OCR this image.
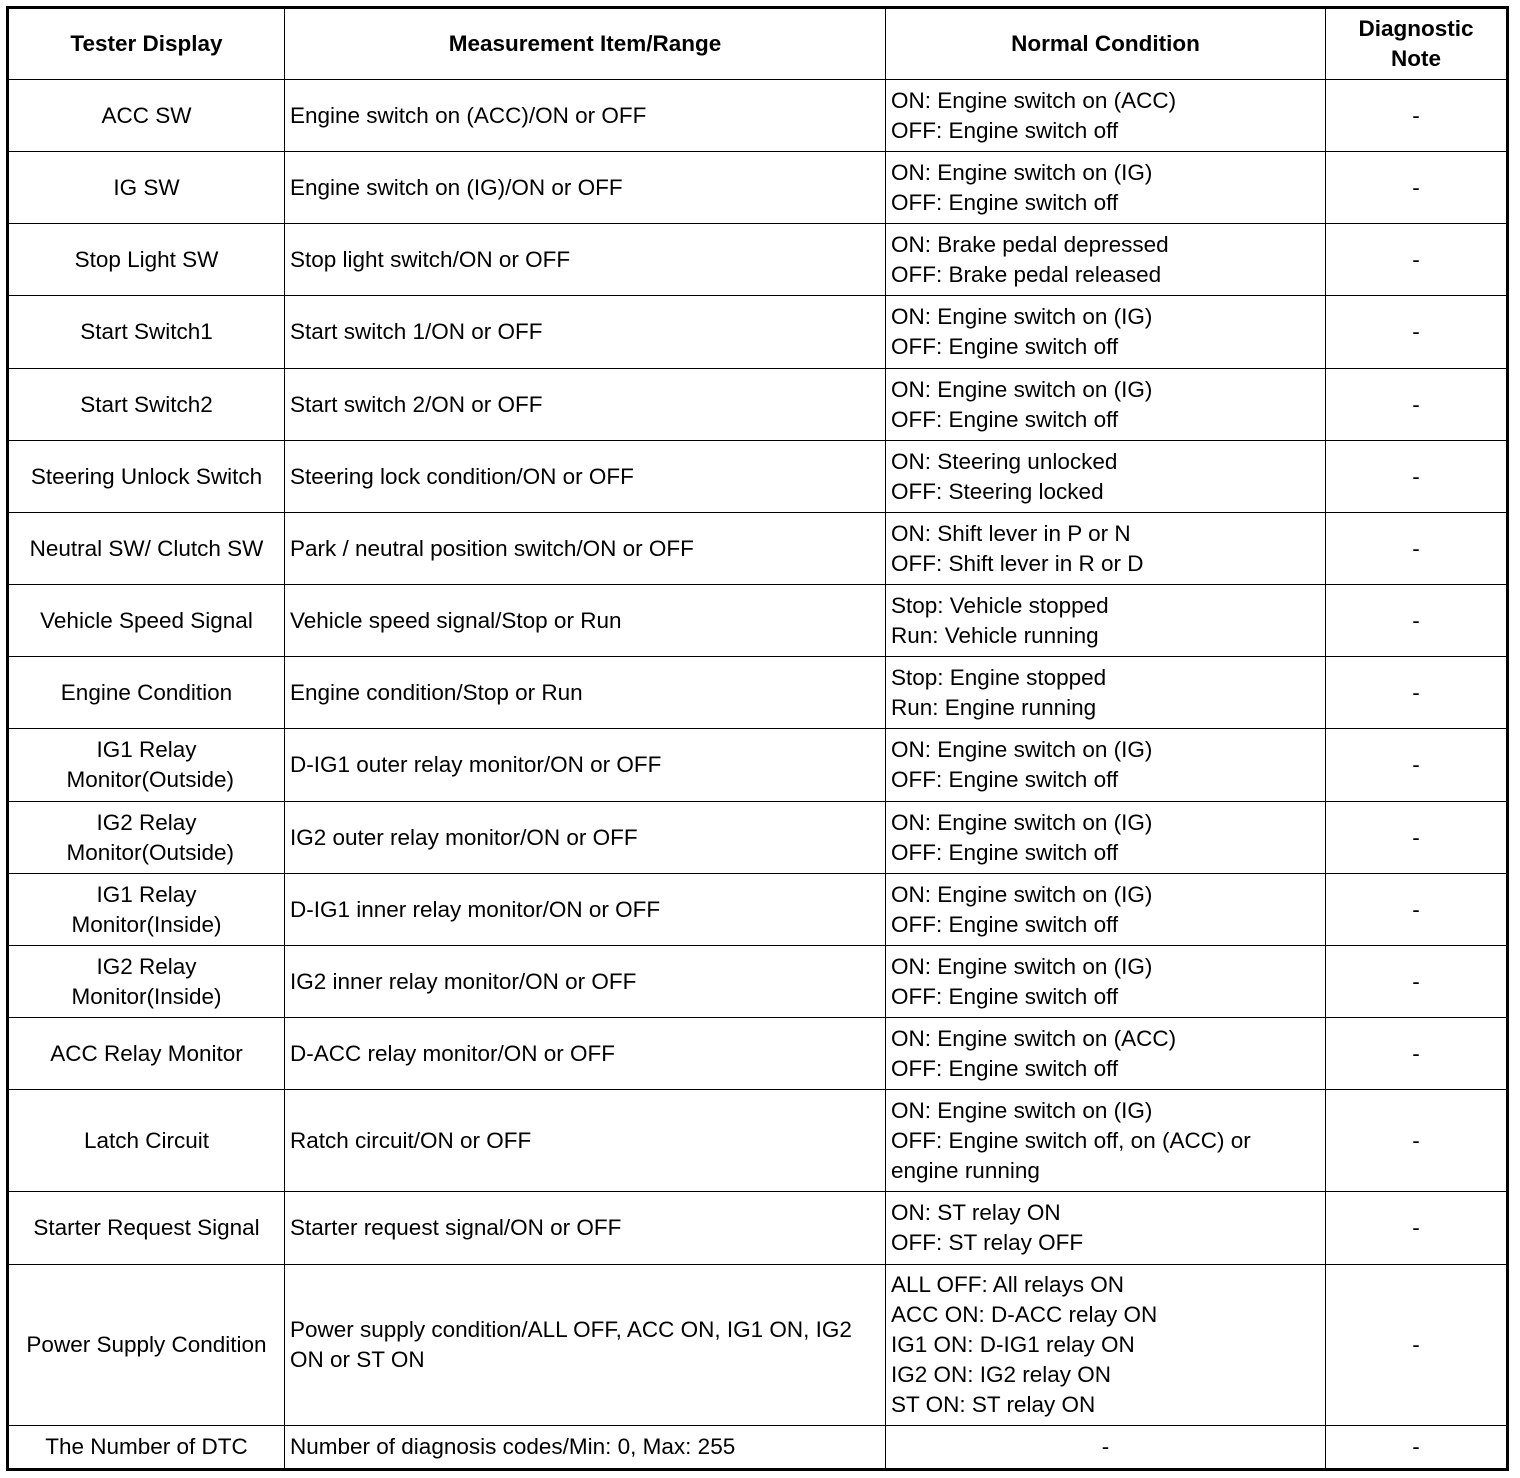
Tester Display	Measurement Item/Range	Normal Condition	Diagnostic Note
ACC SW	Engine switch on (ACC)/ON or OFF	ON: Engine switch on (ACC)
OFF: Engine switch off	-
IG SW	Engine switch on (IG)/ON or OFF	ON: Engine switch on (IG)
OFF: Engine switch off	-
Stop Light SW	Stop light switch/ON or OFF	ON: Brake pedal depressed
OFF: Brake pedal released	-
Start Switch1	Start switch 1/ON or OFF	ON: Engine switch on (IG)
OFF: Engine switch off	-
Start Switch2	Start switch 2/ON or OFF	ON: Engine switch on (IG)
OFF: Engine switch off	-
Steering Unlock Switch	Steering lock condition/ON or OFF	ON: Steering unlocked
OFF: Steering locked	-
Neutral SW/ Clutch SW	Park / neutral position switch/ON or OFF	ON: Shift lever in P or N
OFF: Shift lever in R or D	-
Vehicle Speed Signal	Vehicle speed signal/Stop or Run	Stop: Vehicle stopped
Run: Vehicle running	-
Engine Condition	Engine condition/Stop or Run	Stop: Engine stopped
Run: Engine running	-
IG1 Relay Monitor(Outside)	D-IG1 outer relay monitor/ON or OFF	ON: Engine switch on (IG)
OFF: Engine switch off	-
IG2 Relay Monitor(Outside)	IG2 outer relay monitor/ON or OFF	ON: Engine switch on (IG)
OFF: Engine switch off	-
IG1 Relay Monitor(Inside)	D-IG1 inner relay monitor/ON or OFF	ON: Engine switch on (IG)
OFF: Engine switch off	-
IG2 Relay Monitor(Inside)	IG2 inner relay monitor/ON or OFF	ON: Engine switch on (IG)
OFF: Engine switch off	-
ACC Relay Monitor	D-ACC relay monitor/ON or OFF	ON: Engine switch on (ACC)
OFF: Engine switch off	-
Latch Circuit	Ratch circuit/ON or OFF	ON: Engine switch on (IG)
OFF: Engine switch off, on (ACC) or
engine running	-
Starter Request Signal	Starter request signal/ON or OFF	ON: ST relay ON
OFF: ST relay OFF	-
Power Supply Condition	Power supply condition/ALL OFF, ACC ON, IG1 ON, IG2 ON or ST ON	ALL OFF: All relays ON
ACC ON: D-ACC relay ON
IG1 ON: D-IG1 relay ON
IG2 ON: IG2 relay ON
ST ON: ST relay ON	-
The Number of DTC	Number of diagnosis codes/Min: 0, Max: 255	-	-
